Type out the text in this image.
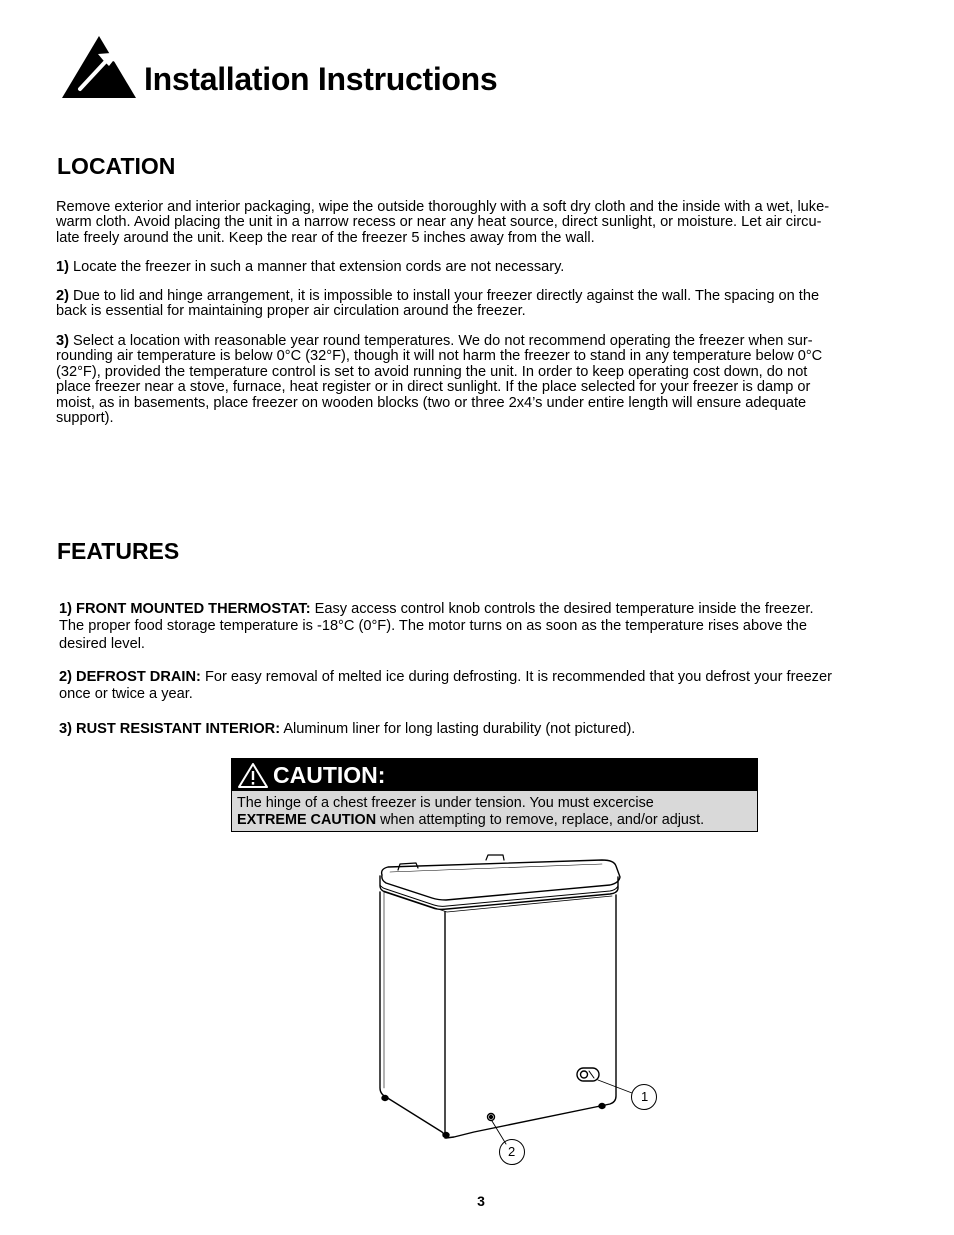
Installation Instructions
LOCATION

Remove exterior and interior packaging, wipe the outside thoroughly with a soft dry cloth and the inside with a wet, luke-
warm cloth. Avoid placing the unit in a narrow recess or near any heat source, direct sunlight, or moisture. Let air circu-
late freely around the unit. Keep the rear of the freezer 5 inches away from the wall.

1) Locate the freezer in such a manner that extension cords are not necessary.

2) Due to lid and hinge arrangement, it is impossible to install your freezer directly against the wall. The spacing on the
back is essential for maintaining proper air circulation around the freezer.

3) Select a location with reasonable year round temperatures. We do not recommend operating the freezer when sur-
rounding air temperature is below 0°C (32°F), though it will not harm the freezer to stand in any temperature below 0°C
(32°F), provided the temperature control is set to avoid running the unit. In order to keep operating cost down, do not
place freezer near a stove, furnace, heat register or in direct sunlight. If the place selected for your freezer is damp or
moist, as in basements, place freezer on wooden blocks (two or three 2x4’s under entire length will ensure adequate
support).

FEATURES

1) FRONT MOUNTED THERMOSTAT: Easy access control knob controls the desired temperature inside the freezer.
The proper food storage temperature is -18°C (0°F). The motor turns on as soon as the temperature rises above the
desired level.

2) DEFROST DRAIN: For easy removal of melted ice during defrosting. It is recommended that you defrost your freezer
once or twice a year.

3) RUST RESISTANT INTERIOR: Aluminum liner for long lasting durability (not pictured).

CAUTION:
The hinge of a chest freezer is under tension. You must excercise
EXTREME CAUTION when attempting to remove, replace, and/or adjust.
1
2
3
